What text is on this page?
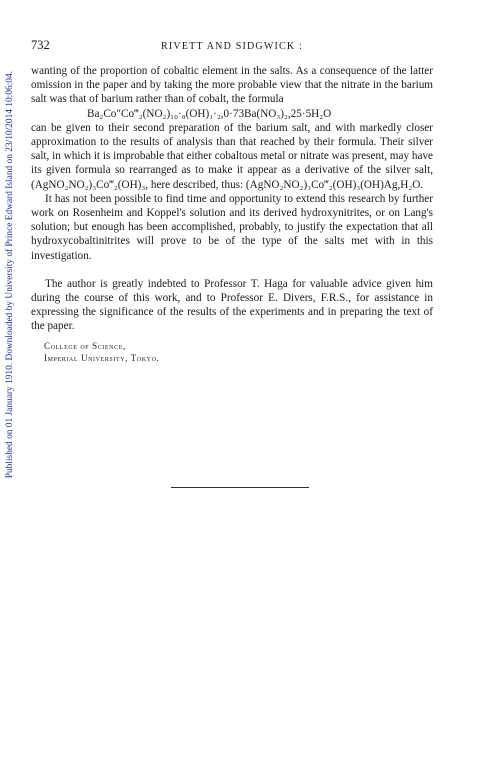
Published on 01 January 1910. Downloaded by University of Prince Edward Island on 23/10/2014 10:06:04.
732	RIVETT AND SIDGWICK :

wanting of the proportion of cobaltic element in the salts. As a consequence of the latter omission in the paper and by taking the more probable view that the nitrate in the barium salt was that of barium rather than of cobalt, the formula

Ba₂Co″Co‴₂(NO₂)₁₀·₈(OH)₁·₂,0·73Ba(NO₃)₂,25·5H₂O

can be given to their second preparation of the barium salt, and with markedly closer approximation to the results of analysis than that reached by their formula. Their silver salt, in which it is improbable that either cobaltous metal or nitrate was present, may have its given formula so rearranged as to make it appear as a derivative of the silver salt, (AgNO₂NO₂)₃Co‴₂(OH)₃, here described, thus: (AgNO₂NO₂)₃Co‴₂(OH)₃(OH)Ag,H₂O.

It has not been possible to find time and opportunity to extend this research by further work on Rosenheim and Koppel's solution and its derived hydroxynitrites, or on Lang's solution; but enough has been accomplished, probably, to justify the expectation that all hydroxycobaltinitrites will prove to be of the type of the salts met with in this investigation.

The author is greatly indebted to Professor T. Haga for valuable advice given him during the course of this work, and to Professor E. Divers, F.R.S., for assistance in expressing the significance of the results of the experiments and in preparing the text of the paper.

College of Science,
Imperial University, Tokyo.
